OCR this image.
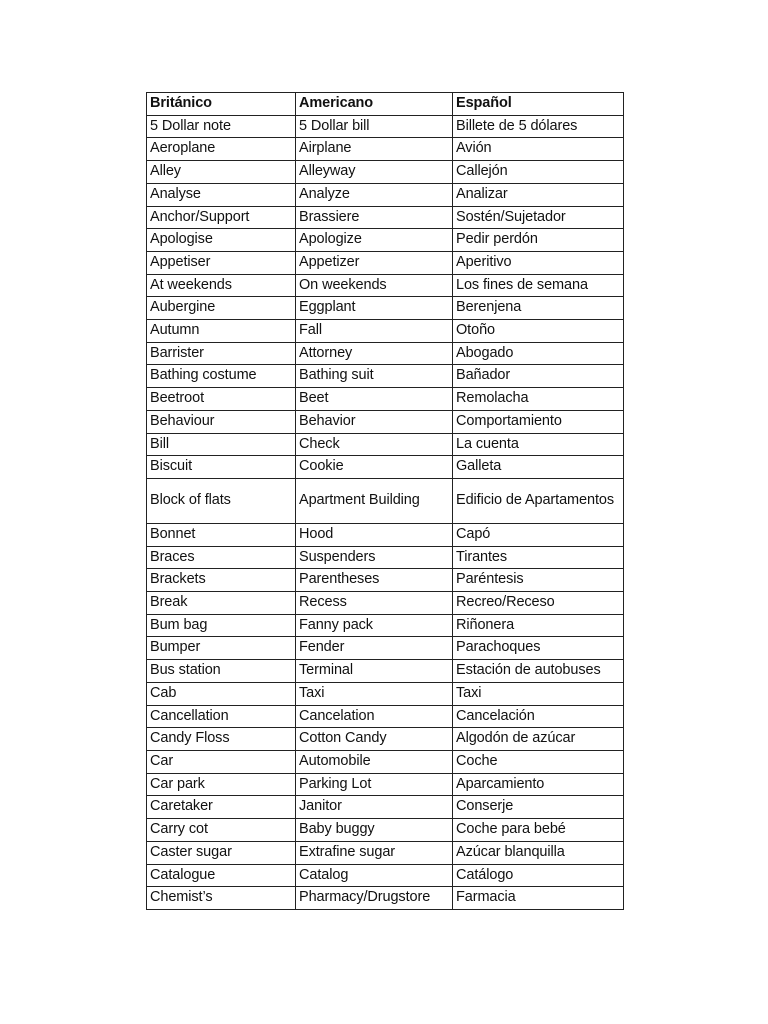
Británico	Americano	Español
5 Dollar note	5 Dollar bill	Billete de 5 dólares
Aeroplane	Airplane	Avión
Alley	Alleyway	Callejón
Analyse	Analyze	Analizar
Anchor/Support	Brassiere	Sostén/Sujetador
Apologise	Apologize	Pedir perdón
Appetiser	Appetizer	Aperitivo
At weekends	On weekends	Los fines de semana
Aubergine	Eggplant	Berenjena
Autumn	Fall	Otoño
Barrister	Attorney	Abogado
Bathing costume	Bathing suit	Bañador
Beetroot	Beet	Remolacha
Behaviour	Behavior	Comportamiento
Bill	Check	La cuenta
Biscuit	Cookie	Galleta
Block of flats	Apartment Building	Edificio de Apartamentos
Bonnet	Hood	Capó
Braces	Suspenders	Tirantes
Brackets	Parentheses	Paréntesis
Break	Recess	Recreo/Receso
Bum bag	Fanny pack	Riñonera
Bumper	Fender	Parachoques
Bus station	Terminal	Estación de autobuses
Cab	Taxi	Taxi
Cancellation	Cancelation	Cancelación
Candy Floss	Cotton Candy	Algodón de azúcar
Car	Automobile	Coche
Car park	Parking Lot	Aparcamiento
Caretaker	Janitor	Conserje
Carry cot	Baby buggy	Coche para bebé
Caster sugar	Extrafine sugar	Azúcar blanquilla
Catalogue	Catalog	Catálogo
Chemist’s	Pharmacy/Drugstore	Farmacia
